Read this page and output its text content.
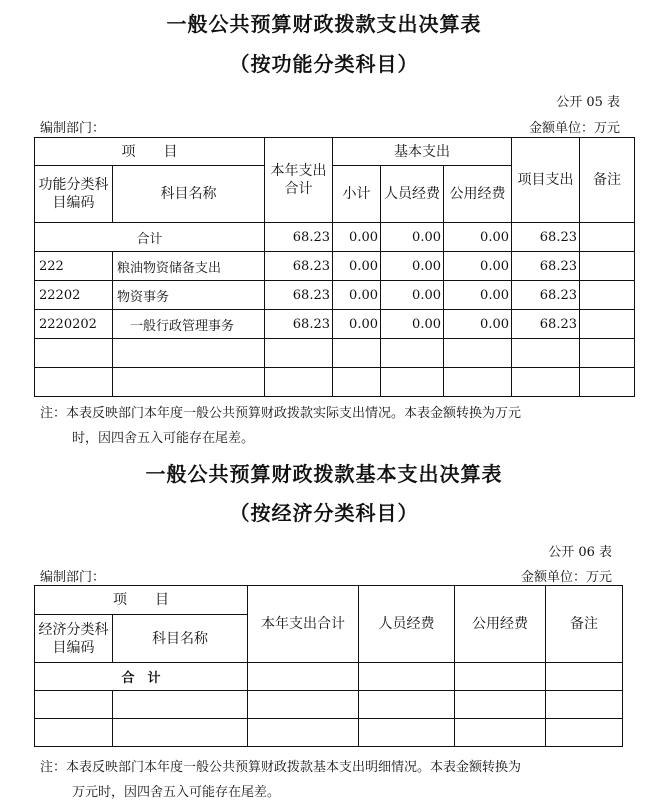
一般公共预算财政拨款支出决算表
（按功能分类科目）
公开 05 表
编制部门：	金额单位：万元
项　　目		本年支出合计	基本支出			项目支出	备注
功能分类科目编码	科目名称		小计	人员经费	公用经费		
合计		68.23	0.00	0.00	0.00	68.23	
222	粮油物资储备支出	68.23	0.00	0.00	0.00	68.23	
22202	物资事务	68.23	0.00	0.00	0.00	68.23	
2220202	　一般行政管理事务	68.23	0.00	0.00	0.00	68.23	

注：本表反映部门本年度一般公共预算财政拨款实际支出情况。本表金额转换为万元
时，因四舍五入可能存在尾差。
一般公共预算财政拨款基本支出决算表
（按经济分类科目）
公开 06 表
编制部门：	金额单位：万元
项　　目		本年支出合计	人员经费	公用经费	备注
经济分类科目编码	科目名称				
合　计					

注：本表反映部门本年度一般公共预算财政拨款基本支出明细情况。本表金额转换为
万元时，因四舍五入可能存在尾差。
